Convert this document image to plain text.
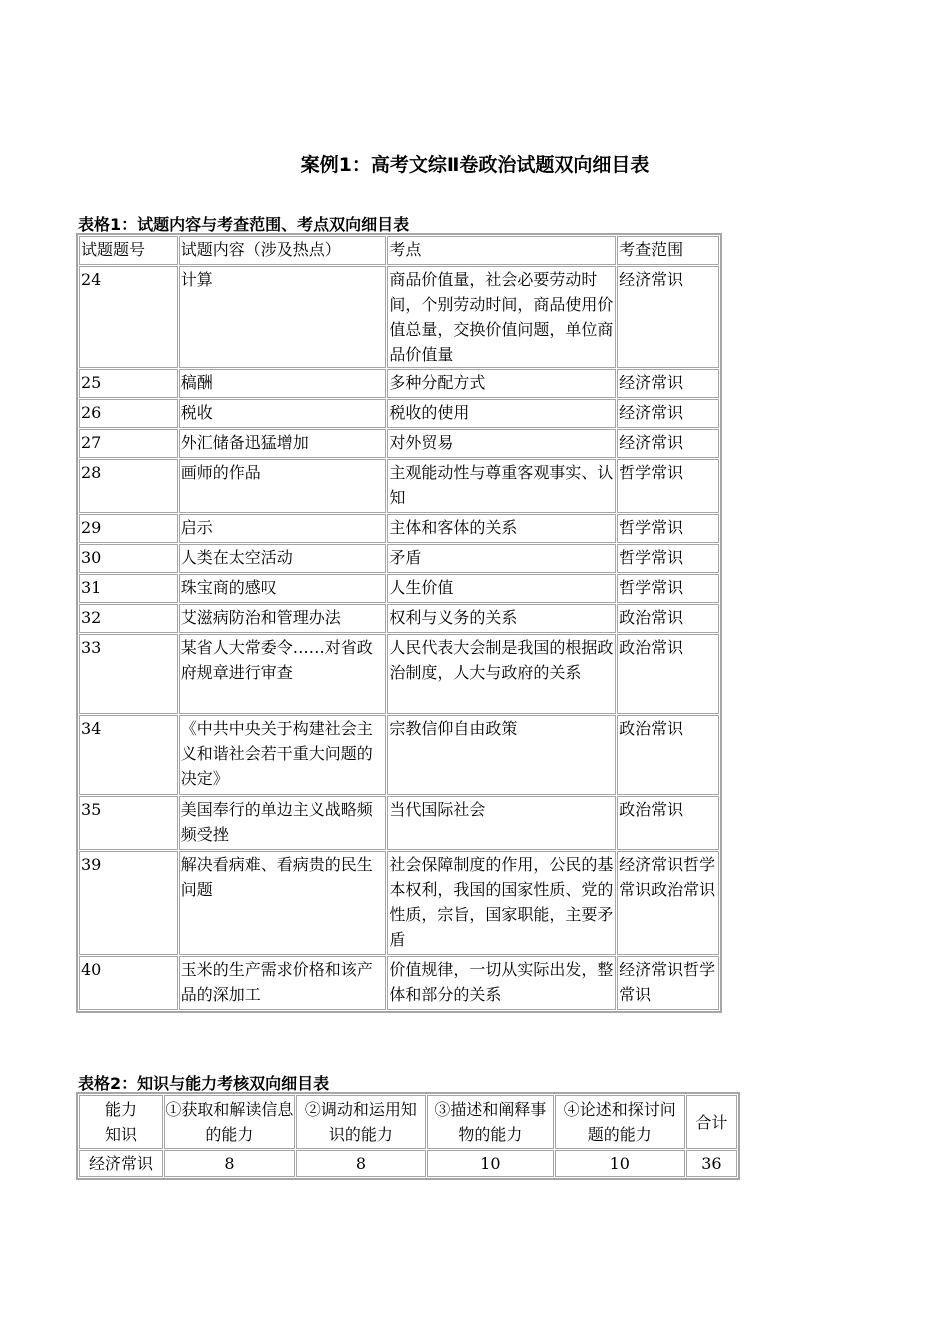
案例1：高考文综Ⅱ卷政治试题双向细目表
表格1：试题内容与考查范围、考点双向细目表
试题题号	试题内容（涉及热点）	考点	考查范围
24	计算	商品价值量，社会必要劳动时间，个别劳动时间，商品使用价值总量，交换价值问题，单位商品价值量	经济常识
25	稿酬	多种分配方式	经济常识
26	税收	税收的使用	经济常识
27	外汇储备迅猛增加	对外贸易	经济常识
28	画师的作品	主观能动性与尊重客观事实、认知	哲学常识
29	启示	主体和客体的关系	哲学常识
30	人类在太空活动	矛盾	哲学常识
31	珠宝商的感叹	人生价值	哲学常识
32	艾滋病防治和管理办法	权利与义务的关系	政治常识
33	某省人大常委令……对省政府规章进行审查	人民代表大会制是我国的根据政治制度，人大与政府的关系	政治常识
34	《中共中央关于构建社会主义和谐社会若干重大问题的决定》	宗教信仰自由政策	政治常识
35	美国奉行的单边主义战略频频受挫	当代国际社会	政治常识
39	解决看病难、看病贵的民生问题	社会保障制度的作用，公民的基本权利，我国的国家性质、党的性质，宗旨，国家职能，主要矛盾	经济常识哲学常识政治常识
40	玉米的生产需求价格和该产品的深加工	价值规律，一切从实际出发，整体和部分的关系	经济常识哲学常识
表格2：知识与能力考核双向细目表
能力
知识	①获取和解读信息的能力	②调动和运用知识的能力	③描述和阐释事物的能力	④论述和探讨问题的能力	合计
经济常识	8	8	10	10	36
